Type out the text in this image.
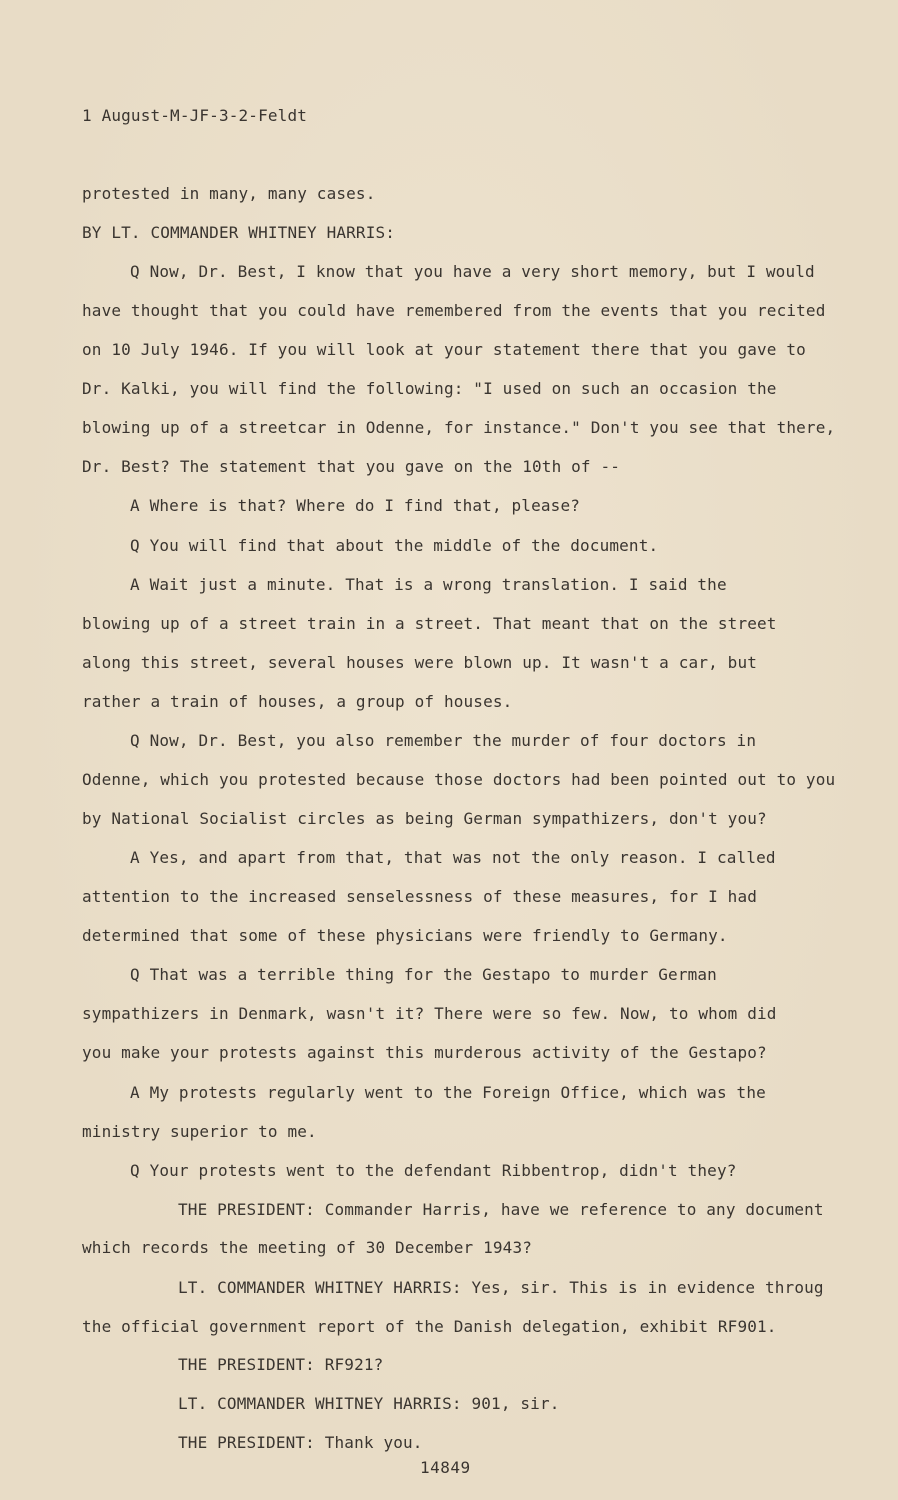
1 August-M-JF-3-2-Feldt
protested in many, many cases.
BY LT. COMMANDER WHITNEY HARRIS:
Q Now, Dr. Best, I know that you have a very short memory, but I would
have thought that you could have remembered from the events that you recited
on 10 July 1946. If you will look at your statement there that you gave to
Dr. Kalki, you will find the following: "I used on such an occasion the
blowing up of a streetcar in Odenne, for instance." Don't you see that there,
Dr. Best? The statement that you gave on the 10th of --
A Where is that? Where do I find that, please?
Q You will find that about the middle of the document.
A Wait just a minute. That is a wrong translation. I said the
blowing up of a street train in a street. That meant that on the street
along this street, several houses were blown up. It wasn't a car, but
rather a train of houses, a group of houses.
Q Now, Dr. Best, you also remember the murder of four doctors in
Odenne, which you protested because those doctors had been pointed out to you
by National Socialist circles as being German sympathizers, don't you?
A Yes, and apart from that, that was not the only reason. I called
attention to the increased senselessness of these measures, for I had
determined that some of these physicians were friendly to Germany.
Q That was a terrible thing for the Gestapo to murder German
sympathizers in Denmark, wasn't it? There were so few. Now, to whom did
you make your protests against this murderous activity of the Gestapo?
A My protests regularly went to the Foreign Office, which was the
ministry superior to me.
Q Your protests went to the defendant Ribbentrop, didn't they?
THE PRESIDENT: Commander Harris, have we reference to any document
which records the meeting of 30 December 1943?
LT. COMMANDER WHITNEY HARRIS: Yes, sir. This is in evidence throug
the official government report of the Danish delegation, exhibit RF901.
THE PRESIDENT: RF921?
LT. COMMANDER WHITNEY HARRIS: 901, sir.
THE PRESIDENT: Thank you.
14849
